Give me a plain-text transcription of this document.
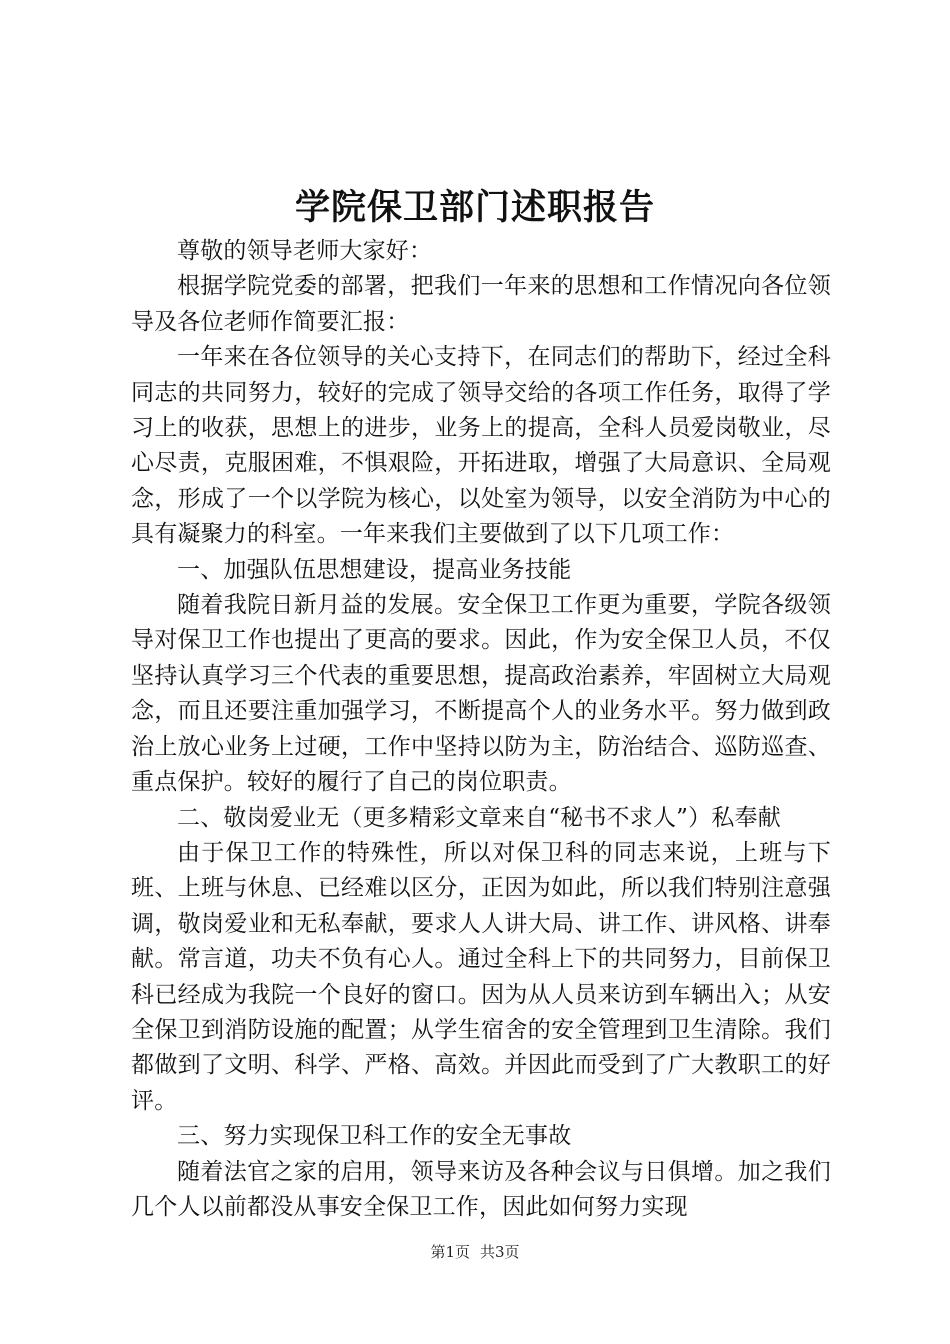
学院保卫部门述职报告

尊敬的领导老师大家好：

根据学院党委的部署，把我们一年来的思想和工作情况向各位领导及各位老师作简要汇报：

一年来在各位领导的关心支持下，在同志们的帮助下，经过全科同志的共同努力，较好的完成了领导交给的各项工作任务，取得了学习上的收获，思想上的进步，业务上的提高，全科人员爱岗敬业，尽心尽责，克服困难，不惧艰险，开拓进取，增强了大局意识、全局观念，形成了一个以学院为核心，以处室为领导，以安全消防为中心的具有凝聚力的科室。一年来我们主要做到了以下几项工作：

一、加强队伍思想建设，提高业务技能

随着我院日新月益的发展。安全保卫工作更为重要，学院各级领导对保卫工作也提出了更高的要求。因此，作为安全保卫人员，不仅坚持认真学习三个代表的重要思想，提高政治素养，牢固树立大局观念，而且还要注重加强学习，不断提高个人的业务水平。努力做到政治上放心业务上过硬，工作中坚持以防为主，防治结合、巡防巡查、重点保护。较好的履行了自己的岗位职责。

二、敬岗爱业无（更多精彩文章来自“秘书不求人”）私奉献

由于保卫工作的特殊性，所以对保卫科的同志来说，上班与下班、上班与休息、已经难以区分，正因为如此，所以我们特别注意强调，敬岗爱业和无私奉献，要求人人讲大局、讲工作、讲风格、讲奉献。常言道，功夫不负有心人。通过全科上下的共同努力，目前保卫科已经成为我院一个良好的窗口。因为从人员来访到车辆出入；从安全保卫到消防设施的配置；从学生宿舍的安全管理到卫生清除。我们都做到了文明、科学、严格、高效。并因此而受到了广大教职工的好评。

三、努力实现保卫科工作的安全无事故

随着法官之家的启用，领导来访及各种会议与日俱增。加之我们几个人以前都没从事安全保卫工作，因此如何努力实现

第1页 共3页
